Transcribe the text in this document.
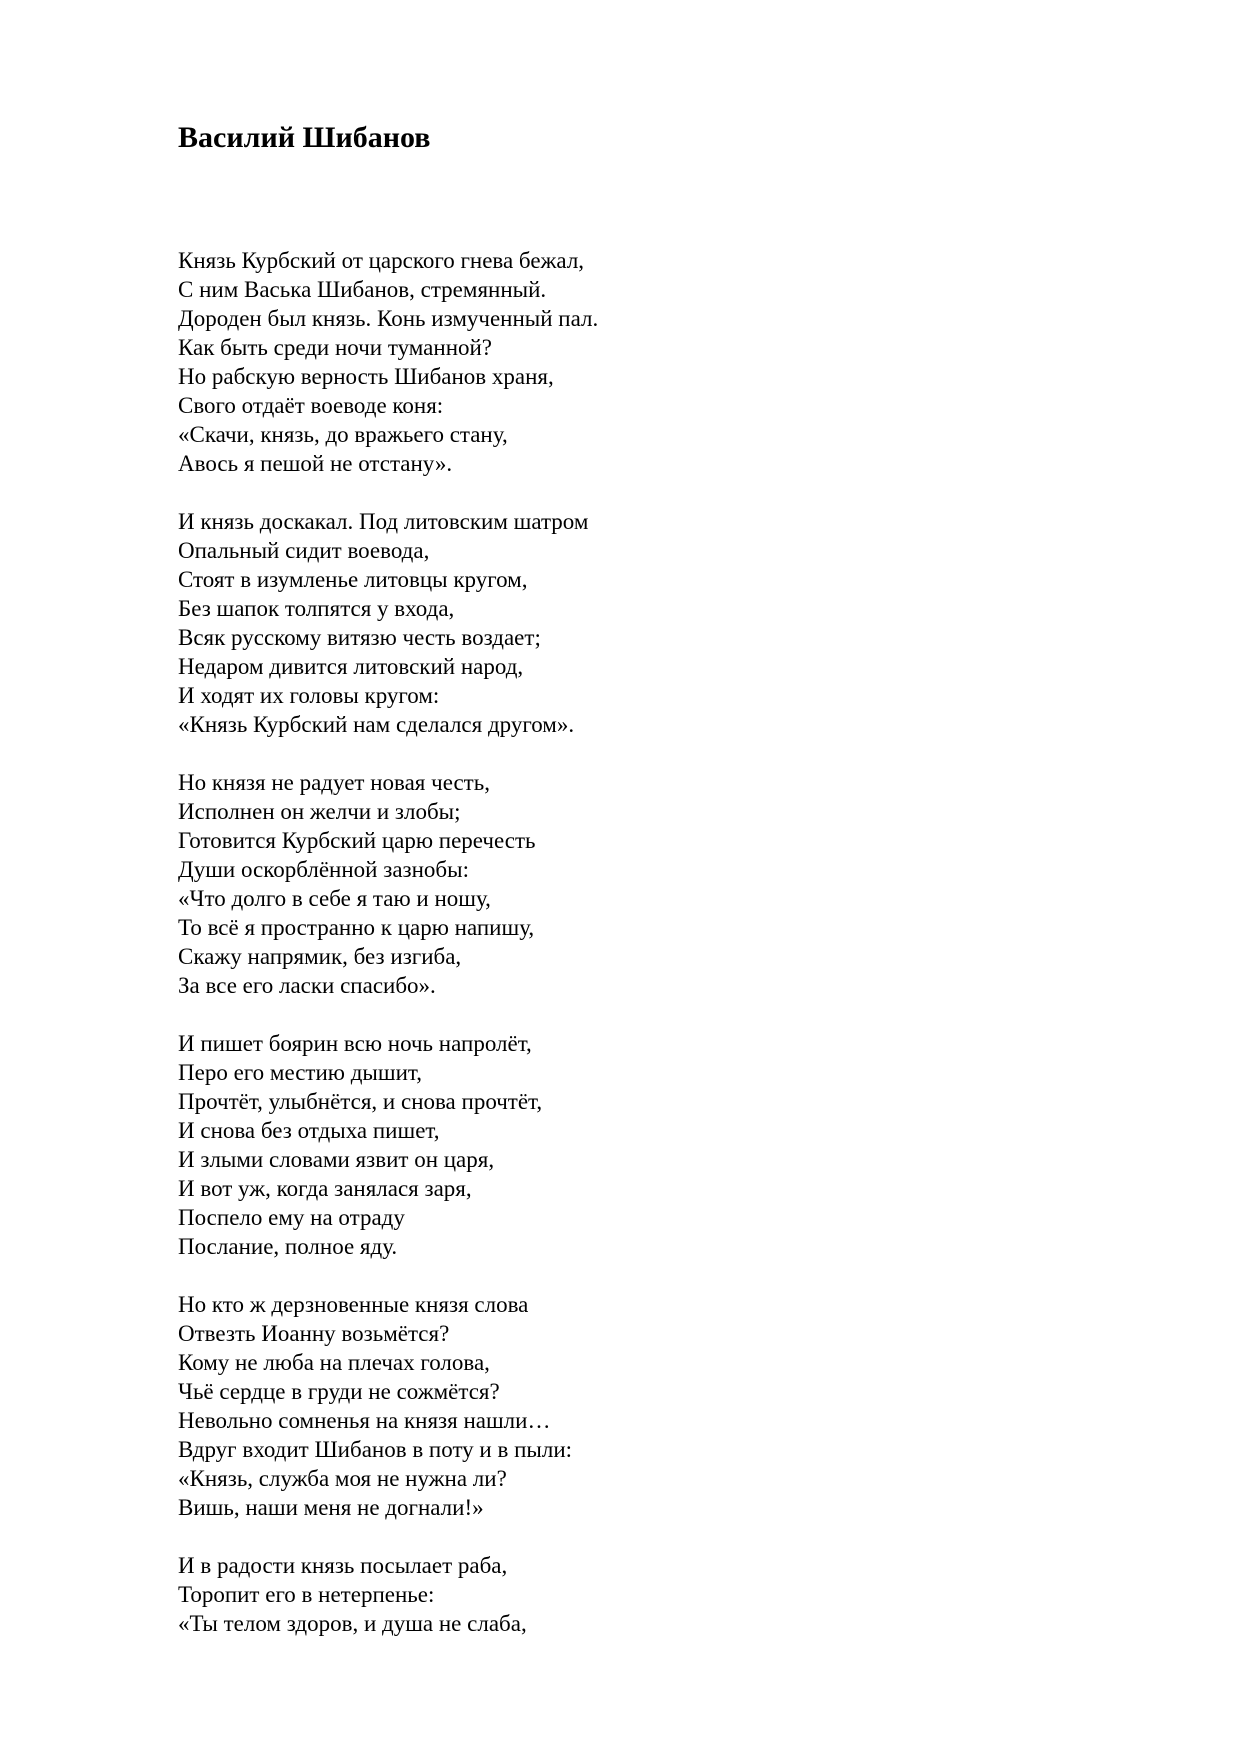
Василий Шибанов
Князь Курбский от царского гнева бежал,
С ним Васька Шибанов, стремянный.
Дороден был князь. Конь измученный пал.
Как быть среди ночи туманной?
Но рабскую верность Шибанов храня,
Свого отдаёт воеводе коня:
«Скачи, князь, до вражьего стану,
Авось я пешой не отстану».
И князь доскакал. Под литовским шатром
Опальный сидит воевода,
Стоят в изумленье литовцы кругом,
Без шапок толпятся у входа,
Всяк русскому витязю честь воздает;
Недаром дивится литовский народ,
И ходят их головы кругом:
«Князь Курбский нам сделался другом».
Но князя не радует новая честь,
Исполнен он желчи и злобы;
Готовится Курбский царю перечесть
Души оскорблённой зазнобы:
«Что долго в себе я таю и ношу,
То всё я пространно к царю напишу,
Скажу напрямик, без изгиба,
За все его ласки спасибо».
И пишет боярин всю ночь напролёт,
Перо его местию дышит,
Прочтёт, улыбнётся, и снова прочтёт,
И снова без отдыха пишет,
И злыми словами язвит он царя,
И вот уж, когда занялася заря,
Поспело ему на отраду
Послание, полное яду.
Но кто ж дерзновенные князя слова
Отвезть Иоанну возьмётся?
Кому не люба на плечах голова,
Чьё сердце в груди не сожмётся?
Невольно сомненья на князя нашли…
Вдруг входит Шибанов в поту и в пыли:
«Князь, служба моя не нужна ли?
Вишь, наши меня не догнали!»
И в радости князь посылает раба,
Торопит его в нетерпенье:
«Ты телом здоров, и душа не слаба,
